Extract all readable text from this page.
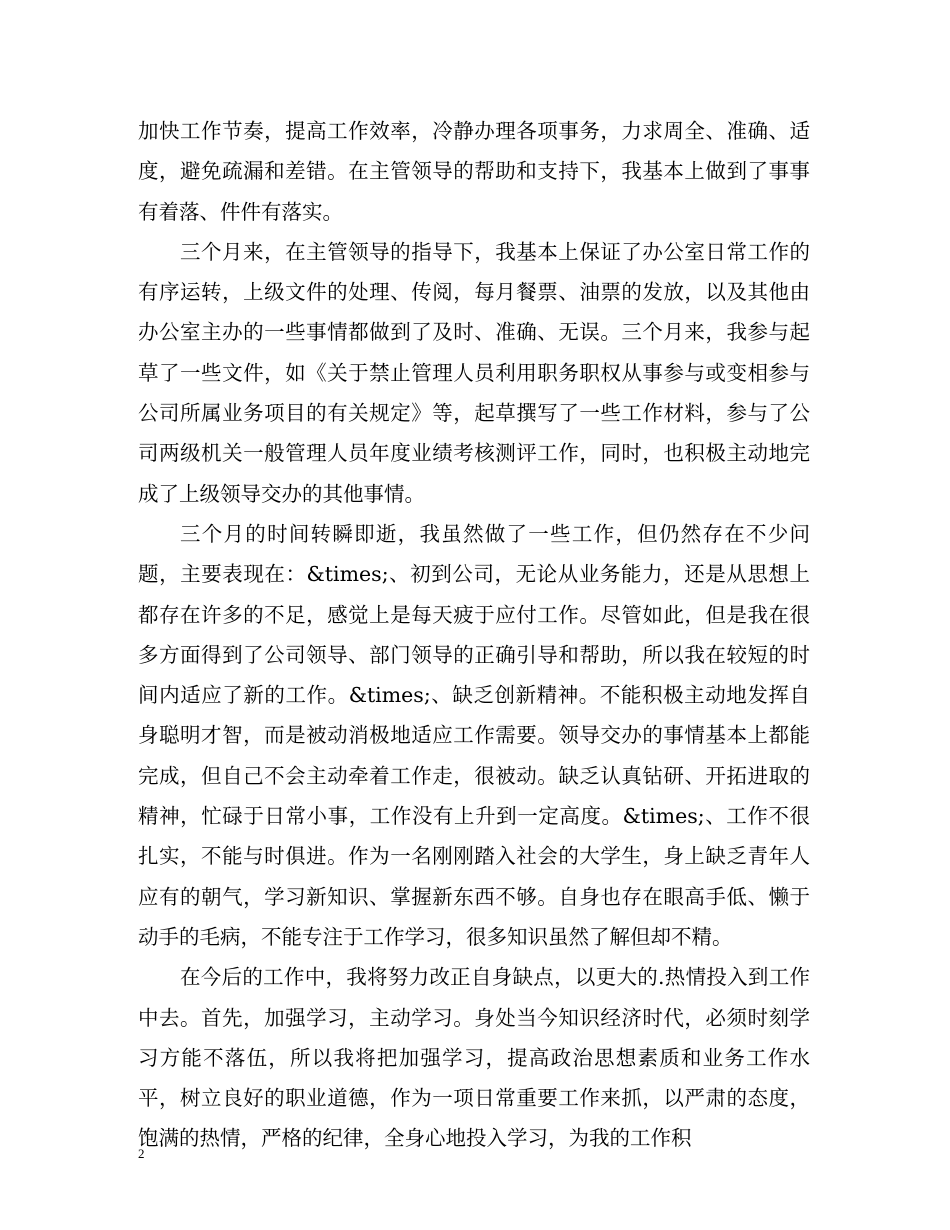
加快工作节奏，提高工作效率，冷静办理各项事务，力求周全、准确、适度，避免疏漏和差错。在主管领导的帮助和支持下，我基本上做到了事事有着落、件件有落实。

三个月来，在主管领导的指导下，我基本上保证了办公室日常工作的有序运转，上级文件的处理、传阅，每月餐票、油票的发放，以及其他由办公室主办的一些事情都做到了及时、准确、无误。三个月来，我参与起草了一些文件，如《关于禁止管理人员利用职务职权从事参与或变相参与公司所属业务项目的有关规定》等，起草撰写了一些工作材料，参与了公司两级机关一般管理人员年度业绩考核测评工作，同时，也积极主动地完成了上级领导交办的其他事情。

三个月的时间转瞬即逝，我虽然做了一些工作，但仍然存在不少问题，主要表现在：&times;、初到公司，无论从业务能力，还是从思想上都存在许多的不足，感觉上是每天疲于应付工作。尽管如此，但是我在很多方面得到了公司领导、部门领导的正确引导和帮助，所以我在较短的时间内适应了新的工作。&times;、缺乏创新精神。不能积极主动地发挥自身聪明才智，而是被动消极地适应工作需要。领导交办的事情基本上都能完成，但自己不会主动牵着工作走，很被动。缺乏认真钻研、开拓进取的精神，忙碌于日常小事，工作没有上升到一定高度。&times;、工作不很扎实，不能与时俱进。作为一名刚刚踏入社会的大学生，身上缺乏青年人应有的朝气，学习新知识、掌握新东西不够。自身也存在眼高手低、懒于动手的毛病，不能专注于工作学习，很多知识虽然了解但却不精。

在今后的工作中，我将努力改正自身缺点，以更大的.热情投入到工作中去。首先，加强学习，主动学习。身处当今知识经济时代，必须时刻学习方能不落伍，所以我将把加强学习，提高政治思想素质和业务工作水平，树立良好的职业道德，作为一项日常重要工作来抓，以严肃的态度，饱满的热情，严格的纪律，全身心地投入学习，为我的工作积

2
